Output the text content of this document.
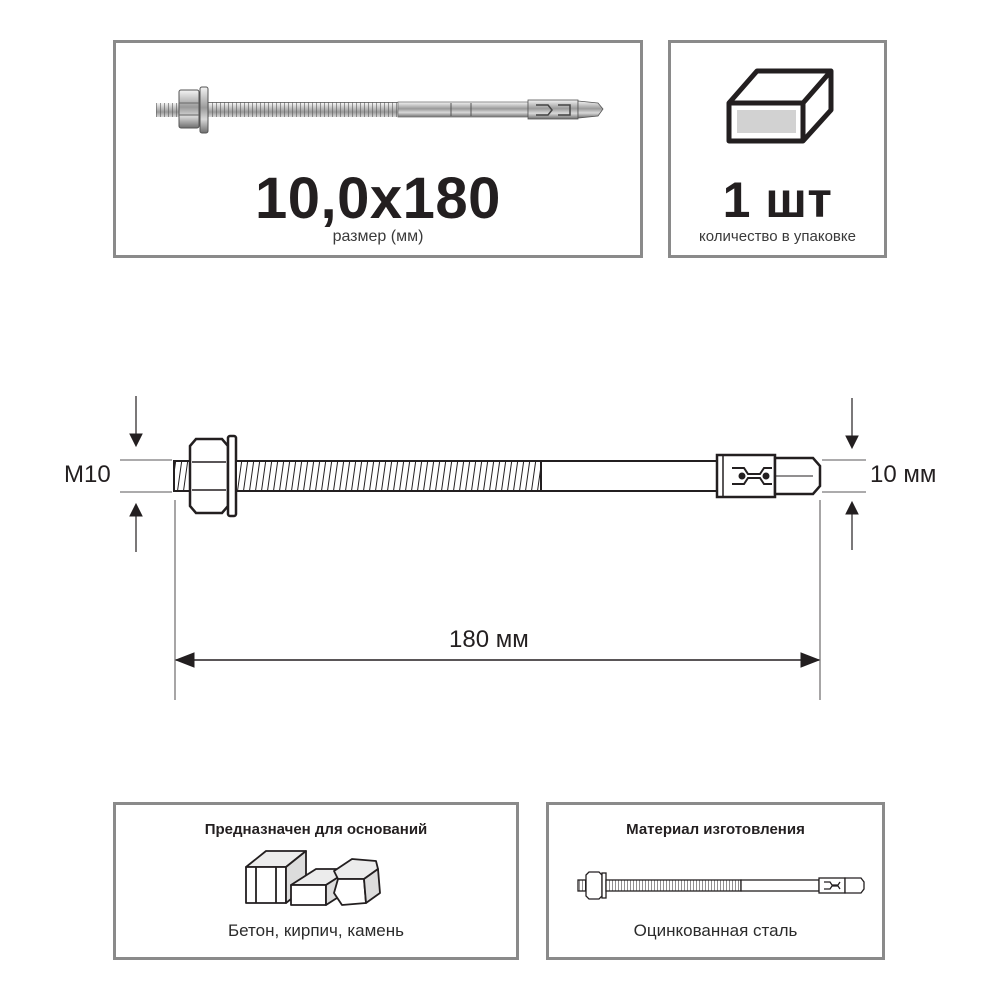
10,0x180
размер (мм)
1 шт
количество в упаковке
M10	10 мм
180 мм
Предназначен для оснований
Бетон, кирпич, камень
Материал изготовления
Оцинкованная сталь
